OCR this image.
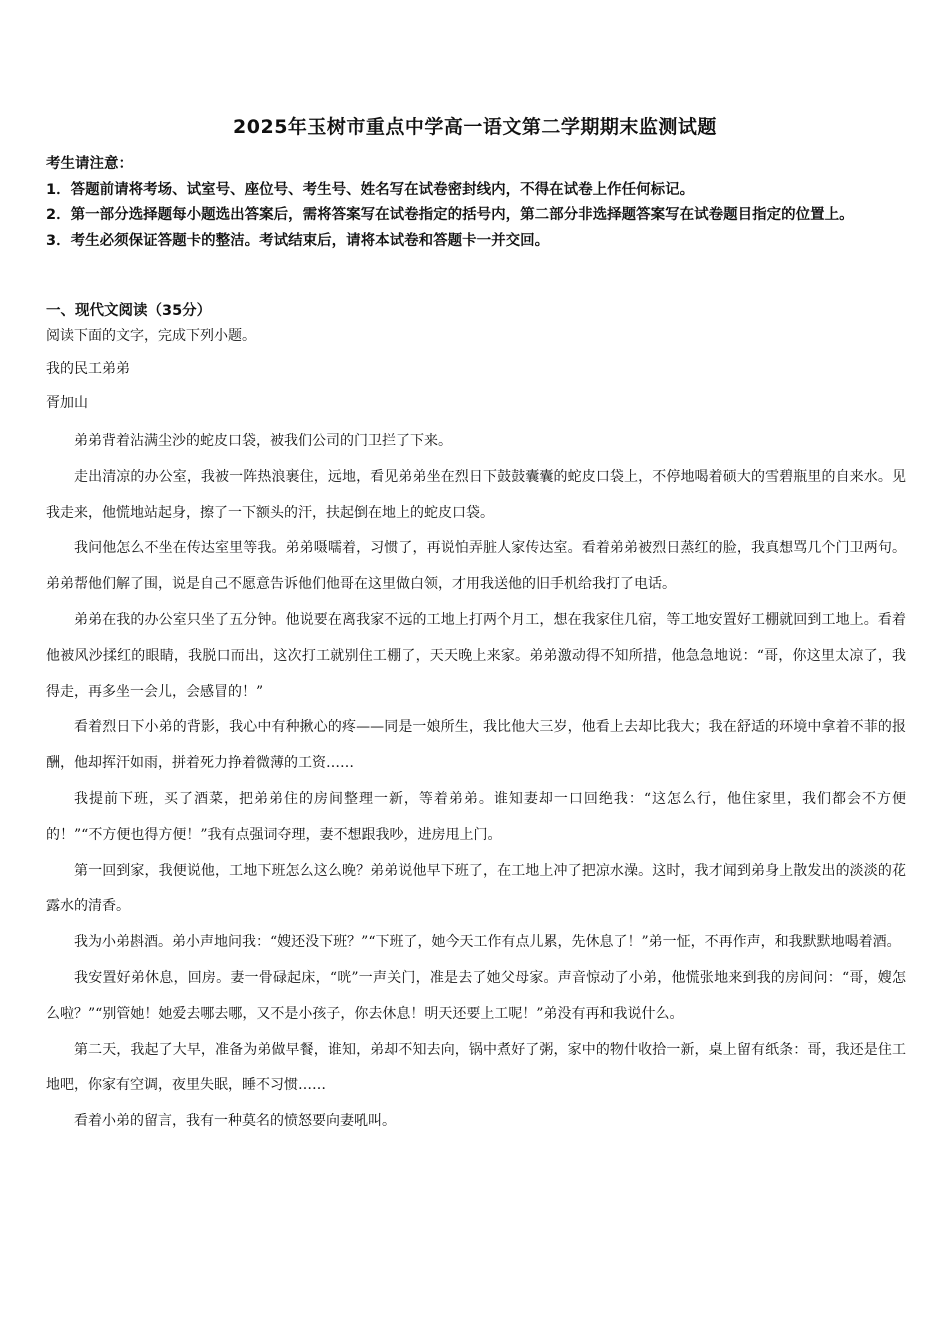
2025年玉树市重点中学高一语文第二学期期末监测试题

考生请注意：

1．答题前请将考场、试室号、座位号、考生号、姓名写在试卷密封线内，不得在试卷上作任何标记。

2．第一部分选择题每小题选出答案后，需将答案写在试卷指定的括号内，第二部分非选择题答案写在试卷题目指定的位置上。

3．考生必须保证答题卡的整洁。考试结束后，请将本试卷和答题卡一并交回。

一、现代文阅读（35分）
阅读下面的文字，完成下列小题。
我的民工弟弟
胥加山

弟弟背着沾满尘沙的蛇皮口袋，被我们公司的门卫拦了下来。

走出清凉的办公室，我被一阵热浪裹住，远地，看见弟弟坐在烈日下鼓鼓囊囊的蛇皮口袋上，不停地喝着硕大的雪碧瓶里的自来水。见我走来，他慌地站起身，擦了一下额头的汗，扶起倒在地上的蛇皮口袋。

我问他怎么不坐在传达室里等我。弟弟嗫嚅着，习惯了，再说怕弄脏人家传达室。看着弟弟被烈日蒸红的脸，我真想骂几个门卫两句。弟弟帮他们解了围，说是自己不愿意告诉他们他哥在这里做白领，才用我送他的旧手机给我打了电话。

弟弟在我的办公室只坐了五分钟。他说要在离我家不远的工地上打两个月工，想在我家住几宿，等工地安置好工棚就回到工地上。看着他被风沙揉红的眼睛，我脱口而出，这次打工就别住工棚了，天天晚上来家。弟弟激动得不知所措，他急急地说：“哥，你这里太凉了，我得走，再多坐一会儿，会感冒的！”

看着烈日下小弟的背影，我心中有种揪心的疼——同是一娘所生，我比他大三岁，他看上去却比我大；我在舒适的环境中拿着不菲的报酬，他却挥汗如雨，拼着死力挣着微薄的工资……

我提前下班，买了酒菜，把弟弟住的房间整理一新，等着弟弟。谁知妻却一口回绝我：“这怎么行，他住家里，我们都会不方便的！”“不方便也得方便！”我有点强词夺理，妻不想跟我吵，进房甩上门。

第一回到家，我便说他，工地下班怎么这么晚？弟弟说他早下班了，在工地上冲了把凉水澡。这时，我才闻到弟身上散发出的淡淡的花露水的清香。

我为小弟斟酒。弟小声地问我：“嫂还没下班？”“下班了，她今天工作有点儿累，先休息了！”弟一怔，不再作声，和我默默地喝着酒。

我安置好弟休息，回房。妻一骨碌起床，“咣”一声关门，准是去了她父母家。声音惊动了小弟，他慌张地来到我的房间问：“哥，嫂怎么啦？”“别管她！她爱去哪去哪，又不是小孩子，你去休息！明天还要上工呢！”弟没有再和我说什么。

第二天，我起了大早，准备为弟做早餐，谁知，弟却不知去向，锅中煮好了粥，家中的物什收拾一新，桌上留有纸条：哥，我还是住工地吧，你家有空调，夜里失眠，睡不习惯……

看着小弟的留言，我有一种莫名的愤怒要向妻吼叫。
